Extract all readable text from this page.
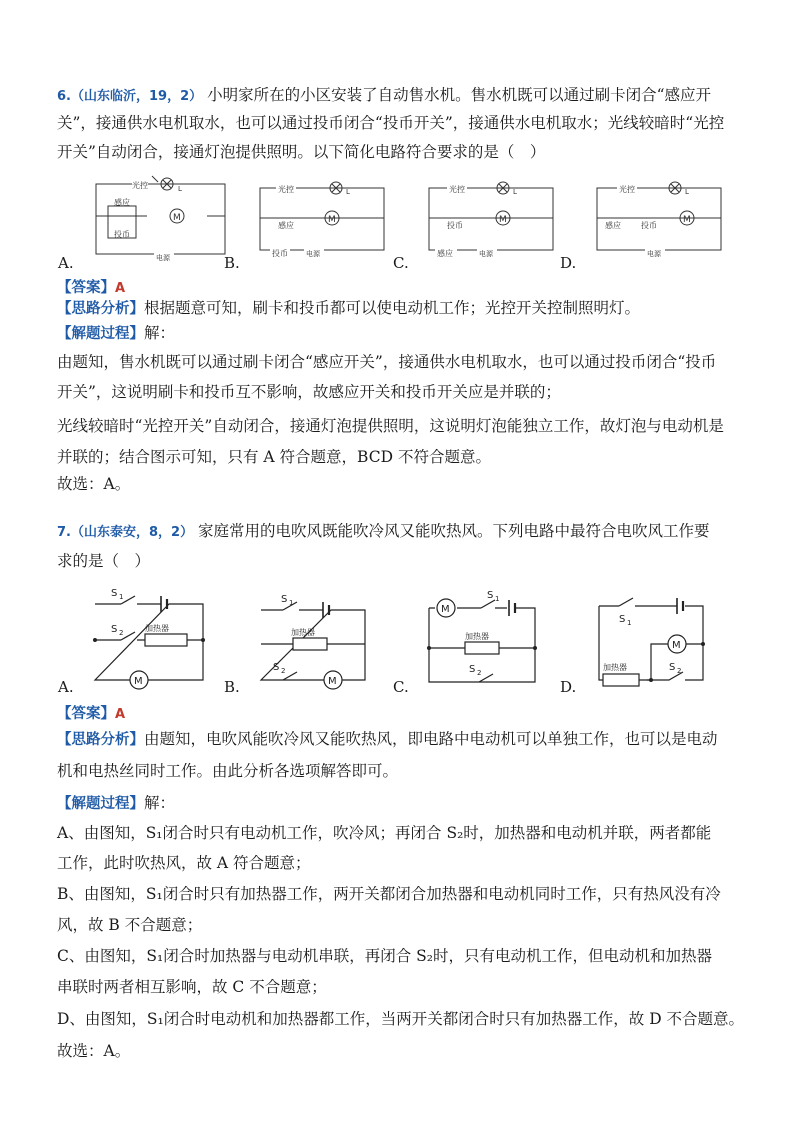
6.（山东临沂，19，2） 小明家所在的小区安装了自动售水机。售水机既可以通过刷卡闭合“感应开
关”，接通供水电机取水，也可以通过投币闭合“投币开关”，接通供水电机取水；光线较暗时“光控
开关”自动闭合，接通灯泡提供照明。以下简化电路符合要求的是（　）
光控	L
感应
投币
M
电源
光控	L
感应
M
投币	电源
光控	L
投币
M
感应	电源
光控	L
感应	投币
M
电源
A.	B.	C.	D.
【答案】A
【思路分析】根据题意可知，刷卡和投币都可以使电动机工作；光控开关控制照明灯。
【解题过程】解：
由题知，售水机既可以通过刷卡闭合“感应开关”，接通供水电机取水，也可以通过投币闭合“投币
开关”，这说明刷卡和投币互不影响，故感应开关和投币开关应是并联的；
光线较暗时“光控开关”自动闭合，接通灯泡提供照明，这说明灯泡能独立工作，故灯泡与电动机是
并联的；结合图示可知，只有 A 符合题意，BCD 不符合题意。
故选：A。
7.（山东泰安，8，2） 家庭常用的电吹风既能吹冷风又能吹热风。下列电路中最符合电吹风工作要
求的是（　）
S 1
S 2	加热器
M
S 1
加热器
S 2
M
M
S 1
加热器
S 2
S 1
M
加热器	S 2
A.	B.	C.	D.
【答案】A
【思路分析】由题知，电吹风能吹冷风又能吹热风，即电路中电动机可以单独工作，也可以是电动
机和电热丝同时工作。由此分析各选项解答即可。
【解题过程】解：
A、由图知，S₁闭合时只有电动机工作，吹冷风；再闭合 S₂时，加热器和电动机并联，两者都能
工作，此时吹热风，故 A 符合题意；
B、由图知，S₁闭合时只有加热器工作，两开关都闭合加热器和电动机同时工作，只有热风没有冷
风，故 B 不合题意；
C、由图知，S₁闭合时加热器与电动机串联，再闭合 S₂时，只有电动机工作，但电动机和加热器
串联时两者相互影响，故 C 不合题意；
D、由图知，S₁闭合时电动机和加热器都工作，当两开关都闭合时只有加热器工作，故 D 不合题意。
故选：A。
